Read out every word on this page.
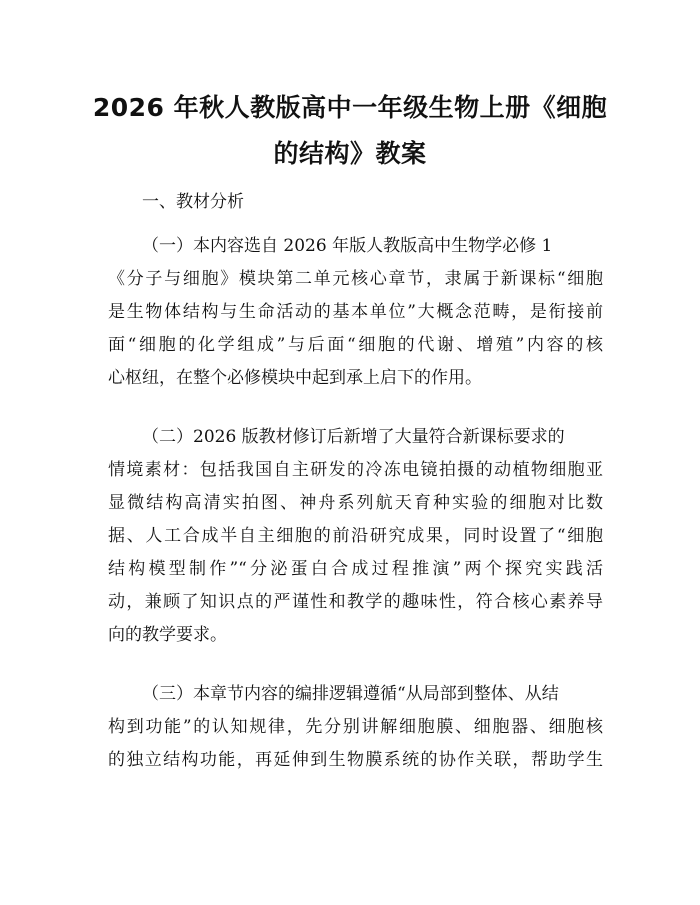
2026 年秋人教版高中一年级生物上册《细胞
的结构》教案
一、教材分析
（一）本内容选自 2026 年版人教版高中生物学必修 1
《分子与细胞》模块第二单元核心章节，隶属于新课标“细胞
是生物体结构与生命活动的基本单位”大概念范畴，是衔接前
面“细胞的化学组成”与后面“细胞的代谢、增殖”内容的核
心枢纽，在整个必修模块中起到承上启下的作用。
（二）2026 版教材修订后新增了大量符合新课标要求的
情境素材：包括我国自主研发的冷冻电镜拍摄的动植物细胞亚
显微结构高清实拍图、神舟系列航天育种实验的细胞对比数
据、人工合成半自主细胞的前沿研究成果，同时设置了“细胞
结构模型制作”“分泌蛋白合成过程推演”两个探究实践活
动，兼顾了知识点的严谨性和教学的趣味性，符合核心素养导
向的教学要求。
（三）本章节内容的编排逻辑遵循“从局部到整体、从结
构到功能”的认知规律，先分别讲解细胞膜、细胞器、细胞核
的独立结构功能，再延伸到生物膜系统的协作关联，帮助学生
